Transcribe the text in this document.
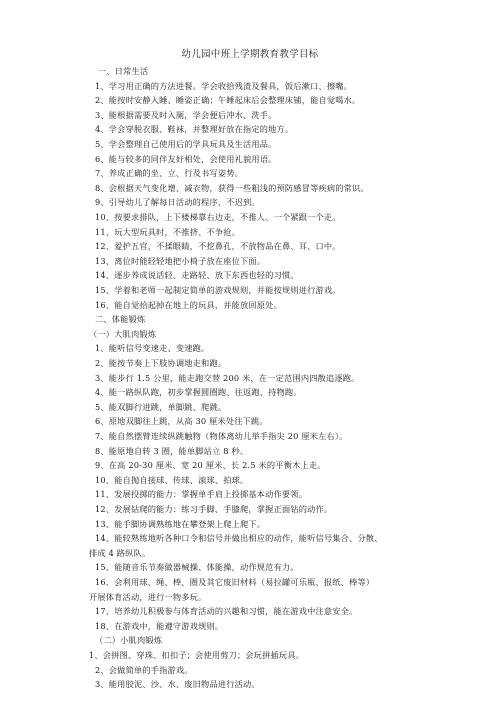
幼儿园中班上学期教育教学目标
一、日常生活
1、学习用正确的方法进餐。学会收拾残渣及餐具，饭后漱口、擦嘴。
2、能按时安静入睡、睡姿正确；午睡起床后会整理床铺，能自觉喝水。
3、能根据需要及时入厕，学会便后冲水、洗手。
4、学会穿脱衣服、鞋袜，并整理好放在指定的地方。
5、学会整理自己使用后的学具玩具及生活用品。
6、能与较多的同伴友好相处，会使用礼貌用语。
7、养成正确的坐、立、行及书写姿势。
8、会根据天气变化增、减衣物，获得一些粗浅的预防感冒等疾病的常识。
9、引导幼儿了解每日活动的程序，不迟到。
10、按要求排队，上下楼梯靠右边走，不推人、一个紧跟一个走。
11、玩大型玩具时，不推挤、不争抢。
12、爱护五官，不揉眼睛，不挖鼻孔，不放物品在鼻、耳、口中。
13、离位时能轻轻地把小椅子放在座位下面。
14、逐步养成说话轻、走路轻、放下东西也轻的习惯。
15、学着和老师一起制定简单的游戏规则，并能按规则进行游戏。
16、能自觉拾起掉在地上的玩具，并能放回原处。
二、体能锻炼
（一）大肌肉锻炼
1、能听信号变速走、变速跑。
2、能按节奏上下肢协调地走和跑。
3、能步行 1.5 公里，能走跑交替 200 米，在一定范围内四散追逐跑。
4、能一路纵队跑，初步掌握圆圈跑、往返跑、持物跑。
5、能双脚行进跳，单脚跳、爬跳。
6、原地双脚往上跳，从高 30 厘米处往下跳。
7、能自然摆臂连续纵跳触物（物体离幼儿举手指尖 20 厘米左右）。
8、能原地自转 3 圈，能单脚站立 8 秒。
9、在高 20-30 厘米、宽 20 厘米、长 2.5 米的平衡木上走。
10、能自抛自接球、传球、滚球、拍球。
11、发展投掷的能力：掌握单手肩上投掷基本动作要领。
12、发展钻爬的能力：练习手脚、手膝爬，掌握正面钻的动作。
13、能手脚协调熟练地在攀登架上爬上爬下。
14、能较熟练地听各种口令和信号并做出相应的动作，能听信号集合、分散、
排成 4 路纵队。
15、能随音乐节奏做器械操、体能操，动作规范有力。
16、会利用球、绳、棒、圈及其它废旧材料（易拉罐可乐瓶、报纸、棒等）
开展体育活动，进行一物多玩。
17、培养幼儿积极参与体育活动的兴趣和习惯，能在游戏中注意安全。
18、在游戏中，能遵守游戏规则。
（二）小肌肉锻炼
1、会拼图、穿珠、扣扣子；会使用剪刀；会玩拼插玩具。
2、会做简单的手指游戏。
3、能用胶泥、沙、水、废旧物品进行活动。
